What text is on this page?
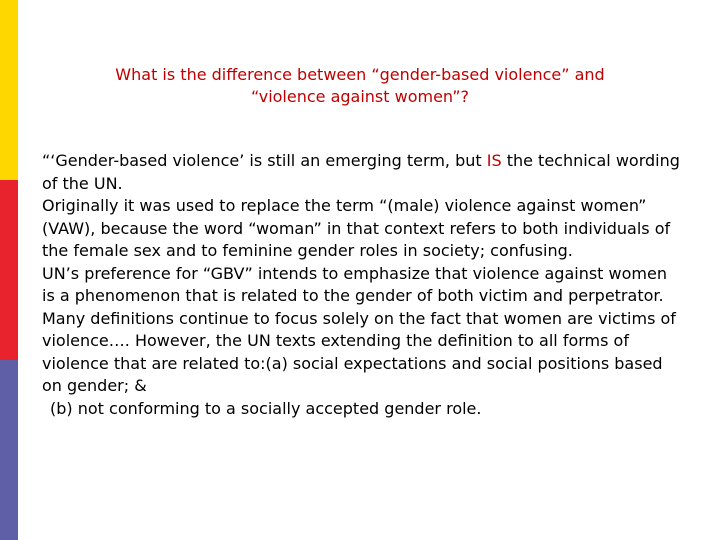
What is the difference between “gender-based violence” and
“violence against women”?

“‘Gender-based violence’ is still an emerging term, but IS the technical wording of the UN.

Originally it was used to replace the term “(male) violence against women” (VAW), because the word “woman” in that context refers to both individuals of the female sex and to feminine gender roles in society; confusing.

UN’s preference for “GBV” intends to emphasize that violence against women is a phenomenon that is related to the gender of both victim and perpetrator. Many definitions continue to focus solely on the fact that women are victims of violence…. However, the UN texts extending the definition to all forms of violence that are related to:(a) social expectations and social positions based on gender; &

(b) not conforming to a socially accepted gender role.
